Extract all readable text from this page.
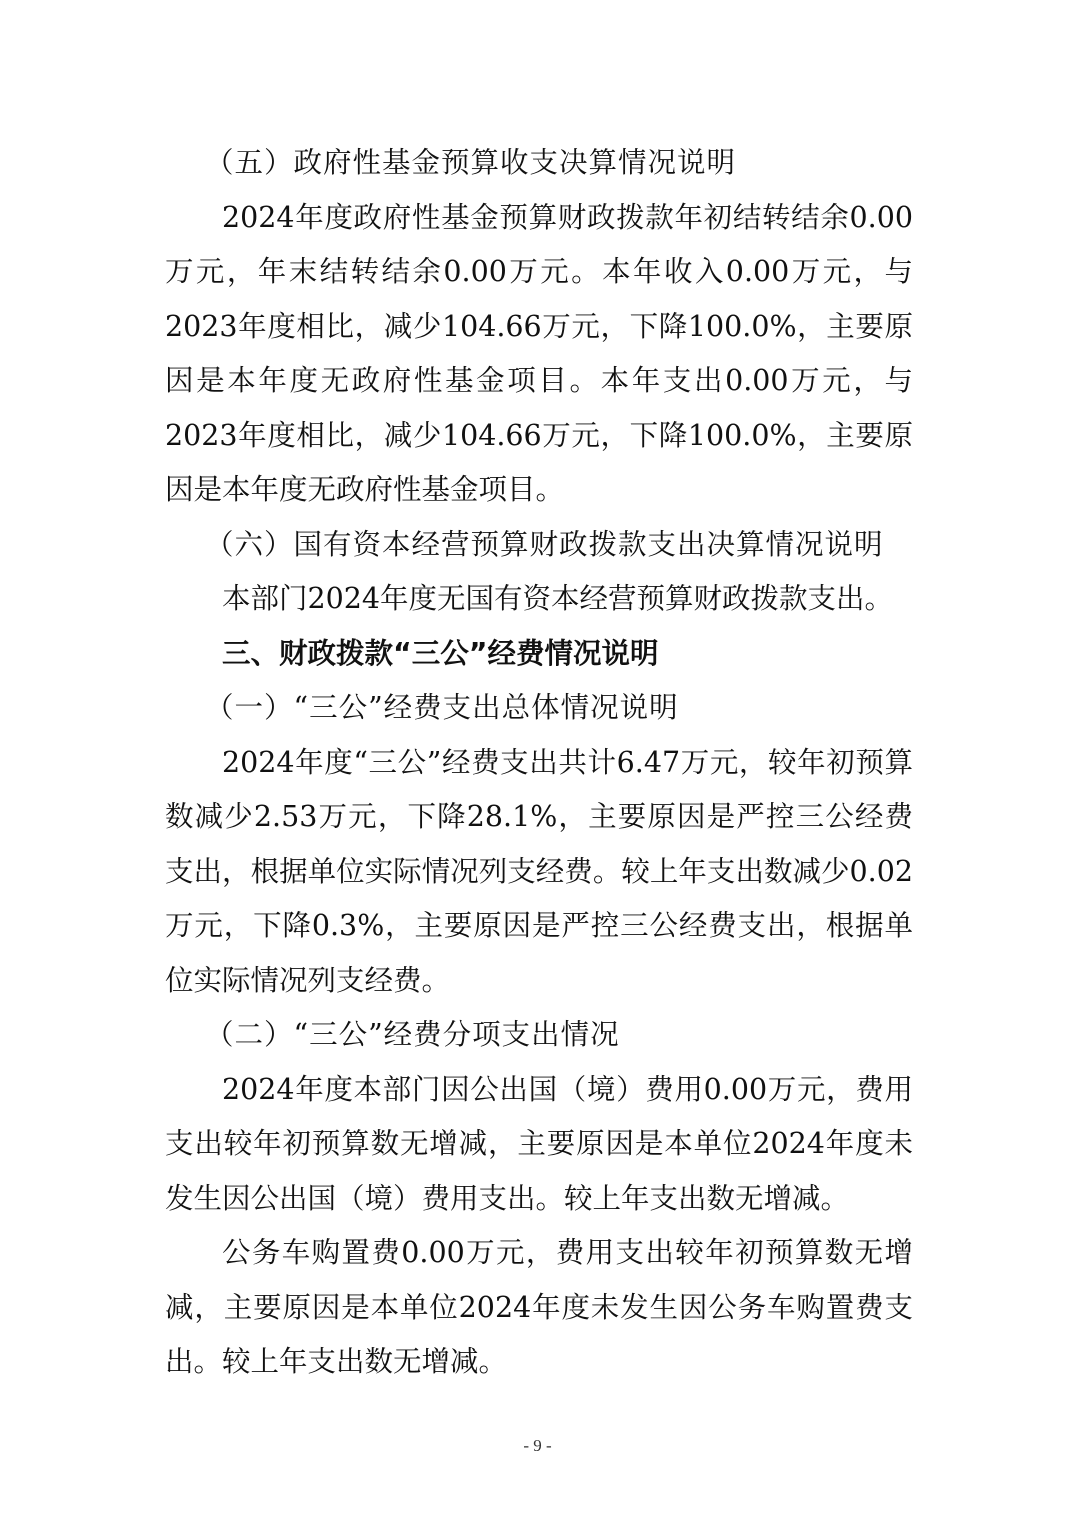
（五）政府性基金预算收支决算情况说明

2024年度政府性基金预算财政拨款年初结转结余0.00万元，年末结转结余0.00万元。本年收入0.00万元，与2023年度相比，减少104.66万元，下降100.0%，主要原因是本年度无政府性基金项目。本年支出0.00万元，与2023年度相比，减少104.66万元，下降100.0%，主要原因是本年度无政府性基金项目。

（六）国有资本经营预算财政拨款支出决算情况说明

本部门2024年度无国有资本经营预算财政拨款支出。

三、财政拨款“三公”经费情况说明

（一）“三公”经费支出总体情况说明

2024年度“三公”经费支出共计6.47万元，较年初预算数减少2.53万元，下降28.1%，主要原因是严控三公经费支出，根据单位实际情况列支经费。较上年支出数减少0.02万元，下降0.3%，主要原因是严控三公经费支出，根据单位实际情况列支经费。

（二）“三公”经费分项支出情况

2024年度本部门因公出国（境）费用0.00万元，费用支出较年初预算数无增减，主要原因是本单位2024年度未发生因公出国（境）费用支出。较上年支出数无增减。

公务车购置费0.00万元，费用支出较年初预算数无增减，主要原因是本单位2024年度未发生因公务车购置费支出。较上年支出数无增减。

- 9 -
